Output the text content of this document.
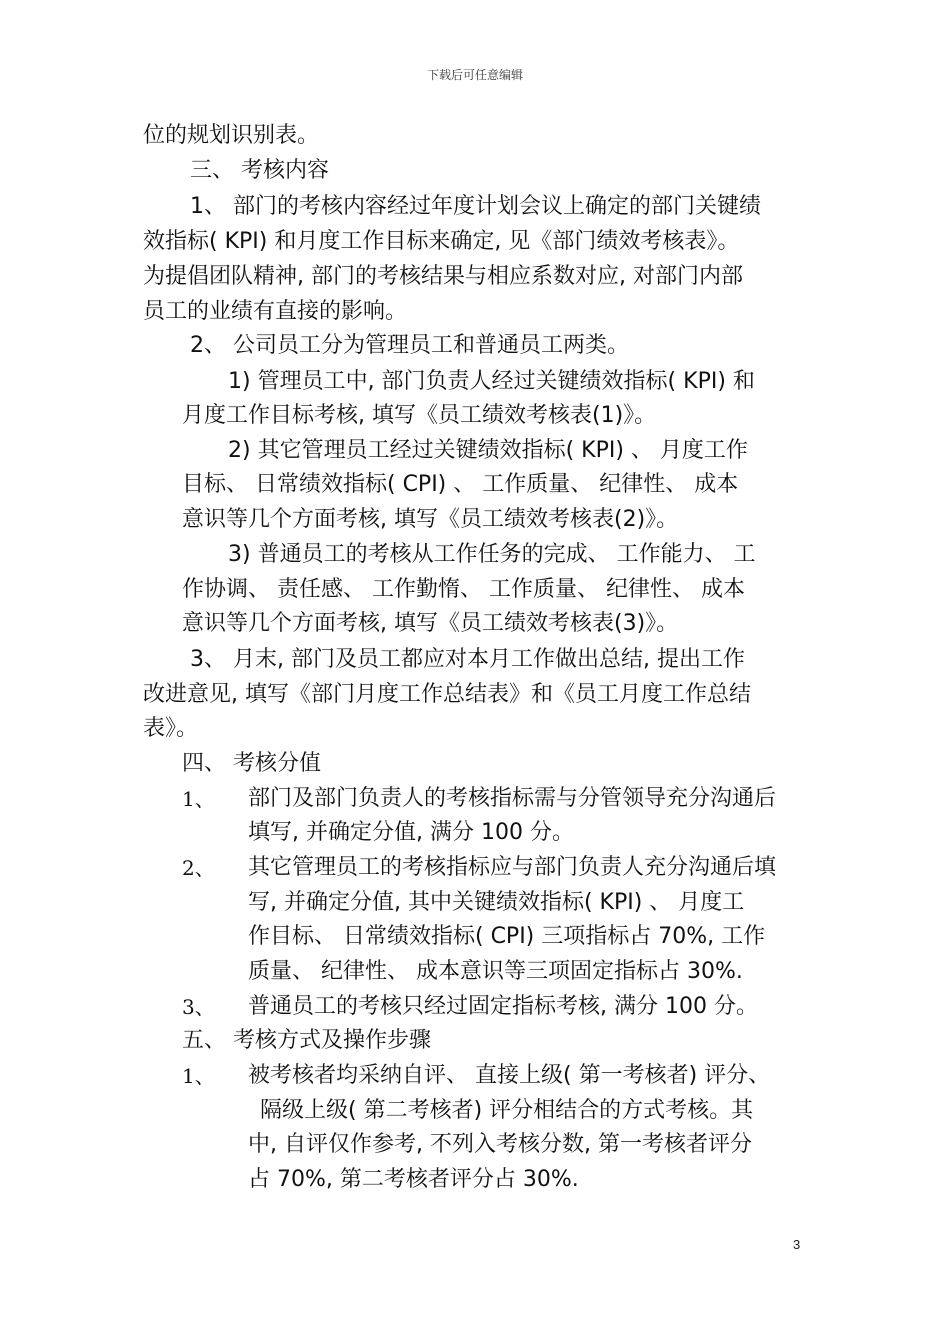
下载后可任意编辑
位的规划识别表。
三、 考核内容
1、 部门的考核内容经过年度计划会议上确定的部门关键绩
效指标( KPI) 和月度工作目标来确定, 见《部门绩效考核表》。
为提倡团队精神, 部门的考核结果与相应系数对应, 对部门内部
员工的业绩有直接的影响。
2、 公司员工分为管理员工和普通员工两类。
1) 管理员工中, 部门负责人经过关键绩效指标( KPI) 和
月度工作目标考核, 填写《员工绩效考核表(1)》。
2) 其它管理员工经过关键绩效指标( KPI) 、 月度工作
目标、 日常绩效指标( CPI) 、 工作质量、 纪律性、 成本
意识等几个方面考核, 填写《员工绩效考核表(2)》。
3) 普通员工的考核从工作任务的完成、 工作能力、 工
作协调、 责任感、 工作勤惰、 工作质量、 纪律性、 成本
意识等几个方面考核, 填写《员工绩效考核表(3)》。
3、 月末, 部门及员工都应对本月工作做出总结, 提出工作
改进意见, 填写《部门月度工作总结表》和《员工月度工作总结
表》。
四、 考核分值
1、 部门及部门负责人的考核指标需与分管领导充分沟通后
填写, 并确定分值, 满分 100 分。
2、 其它管理员工的考核指标应与部门负责人充分沟通后填
写, 并确定分值, 其中关键绩效指标( KPI) 、 月度工
作目标、 日常绩效指标( CPI) 三项指标占 70%, 工作
质量、 纪律性、 成本意识等三项固定指标占 30%.
3、 普通员工的考核只经过固定指标考核, 满分 100 分。
五、 考核方式及操作步骤
1、 被考核者均采纳自评、 直接上级( 第一考核者) 评分、
隔级上级( 第二考核者) 评分相结合的方式考核。其
中, 自评仅作参考, 不列入考核分数, 第一考核者评分
占 70%, 第二考核者评分占 30%.
3
